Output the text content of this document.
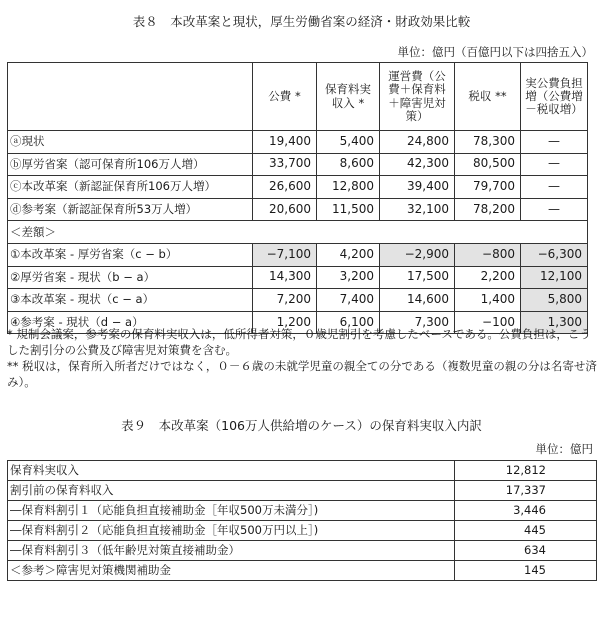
表８　本改革案と現状，厚生労働省案の経済・財政効果比較
単位：億円（百億円以下は四捨五入）
	公費 *	保育料実収入 *	運営費（公費＋保育料＋障害児対策）	税収 **	実公費負担増（公費増－税収増）
ⓐ現状	19,400	5,400	24,800	78,300	—
ⓑ厚労省案（認可保育所106万人増）	33,700	8,600	42,300	80,500	—
ⓒ本改革案（新認証保育所106万人増）	26,600	12,800	39,400	79,700	—
ⓓ参考案（新認証保育所53万人増）	20,600	11,500	32,100	78,200	—
＜差額＞					
①本改革案 - 厚労省案（c − b）	−7,100	4,200	−2,900	−800	−6,300
②厚労省案 - 現状（b − a）	14,300	3,200	17,500	2,200	12,100
③本改革案 - 現状（c − a）	7,200	7,400	14,600	1,400	5,800
④参考案 - 現状（d − a）	1,200	6,100	7,300	−100	1,300
* 規制会議案，参考案の保育料実収入は，低所得者対策，０歳児割引を考慮したベースである。公費負担は，こうした割引分の公費及び障害児対策費を含む。
** 税収は，保育所入所者だけではなく，０－６歳の未就学児童の親全ての分である（複数児童の親の分は名寄せ済み）。
表９　本改革案（106万人供給増のケース）の保育料実収入内訳
単位：億円
保育料実収入	12,812
割引前の保育料収入	17,337
―保育料割引１（応能負担直接補助金［年収500万未満分］)	3,446
―保育料割引２（応能負担直接補助金［年収500万円以上］)	445
―保育料割引３（低年齢児対策直接補助金）	634
＜参考＞障害児対策機関補助金	145
